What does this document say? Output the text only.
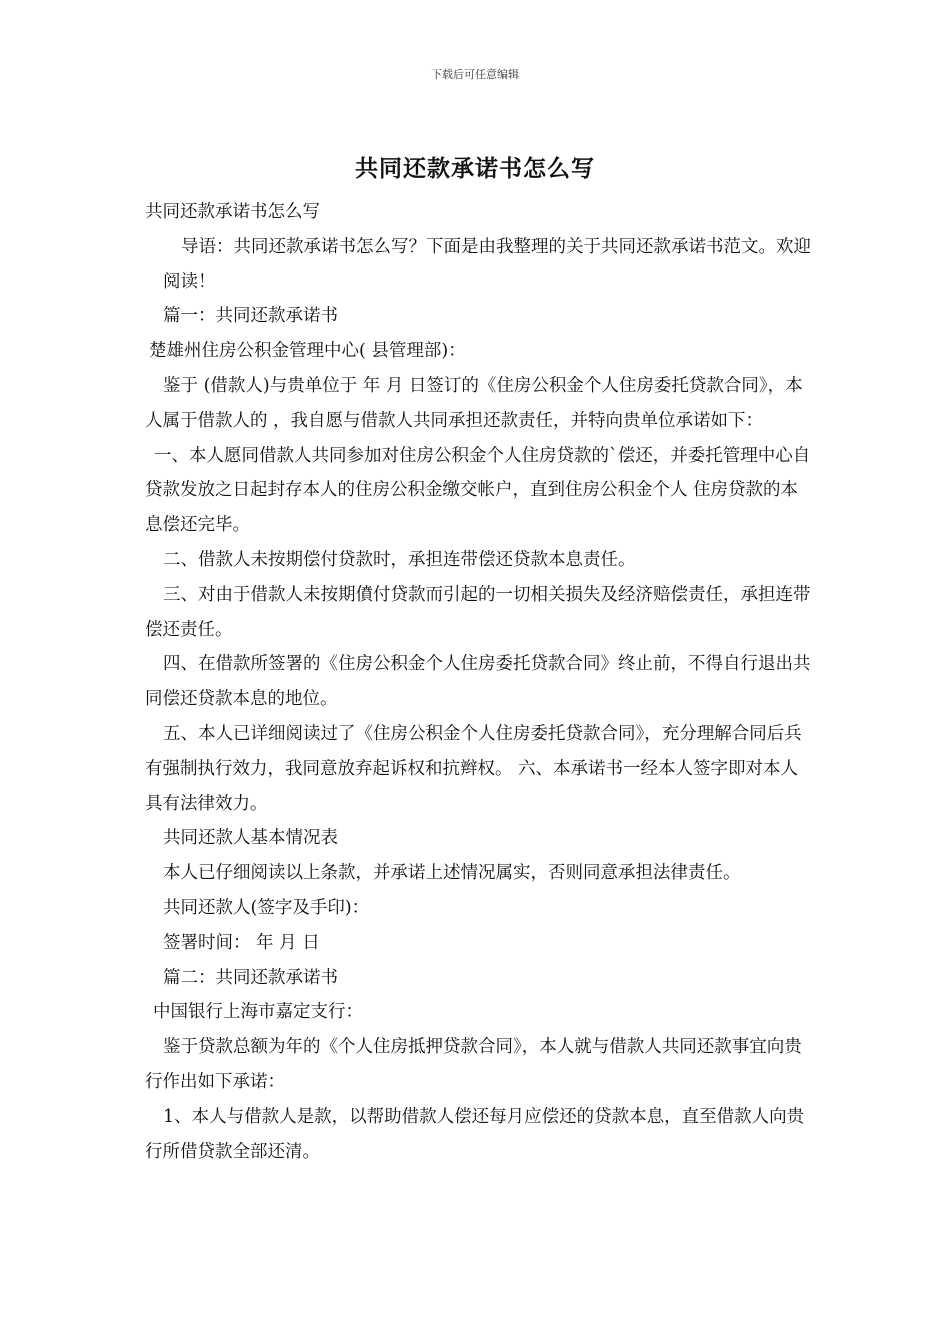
下载后可任意编辑
共同还款承诺书怎么写

共同还款承诺书怎么写

导语：共同还款承诺书怎么写？下面是由我整理的关于共同还款承诺书范文。欢迎阅读！

篇一：共同还款承诺书

楚雄州住房公积金管理中心( 县管理部)：

鉴于 (借款人)与贵单位于 年 月 日签订的《住房公积金个人住房委托贷款合同》，本人属于借款人的 ，我自愿与借款人共同承担还款责任，并特向贵单位承诺如下：

一、本人愿同借款人共同参加对住房公积金个人住房贷款的`偿还，并委托管理中心自贷款发放之日起封存本人的住房公积金缴交帐户，直到住房公积金个人 住房贷款的本息偿还完毕。

二、借款人未按期偿付贷款时，承担连带偿还贷款本息责任。

三、对由于借款人未按期僨付贷款而引起的一切相关损失及经济赔偿责任，承担连带偿还责任。

四、在借款所签署的《住房公积金个人住房委托贷款合同》终止前，不得自行退出共同偿还贷款本息的地位。

五、本人已详细阅读过了《住房公积金个人住房委托贷款合同》，充分理解合同后兵有强制执行效力，我同意放弃起诉权和抗辫权。 六、本承诺书一经本人签字即对本人具有法律效力。

共同还款人基本情况表

本人已仔细阅读以上条款，并承诺上述情况属实，否则同意承担法律责任。

共同还款人(签字及手印)：

签署时间： 年 月 日

篇二：共同还款承诺书

中国银行上海市嘉定支行：

鉴于贷款总额为年的《个人住房抵押贷款合同》，本人就与借款人共同还款事宜向贵行作出如下承诺：

1、本人与借款人是款，以帮助借款人偿还每月应偿还的贷款本息，直至借款人向贵行所借贷款全部还清。
